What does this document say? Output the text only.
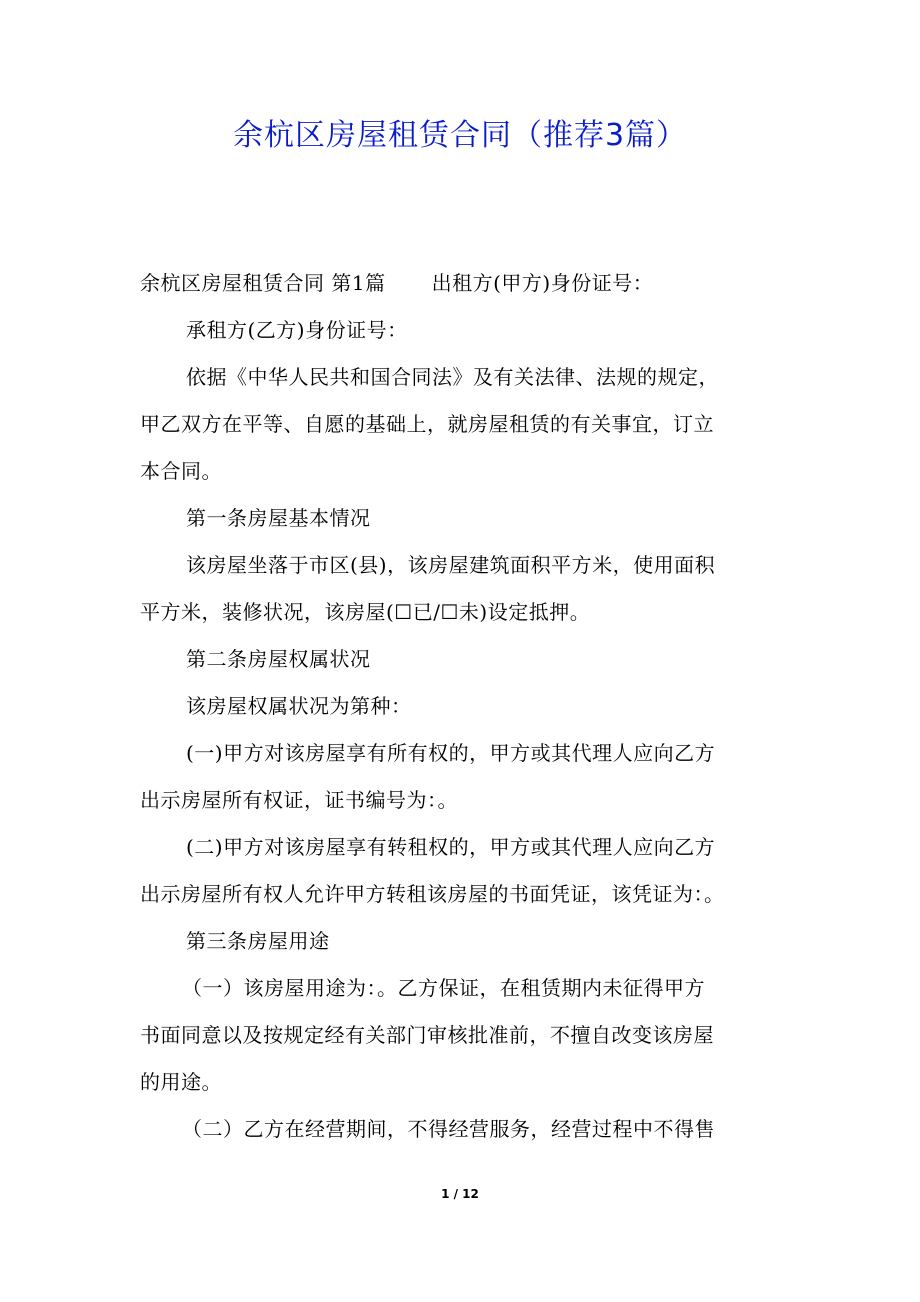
余杭区房屋租赁合同（推荐3篇）

余杭区房屋租赁合同 第1篇 出租方(甲方)身份证号：

承租方(乙方)身份证号：

依据《中华人民共和国合同法》及有关法律、法规的规定，

甲乙双方在平等、自愿的基础上，就房屋租赁的有关事宜，订立

本合同。

第一条房屋基本情况

该房屋坐落于市区(县)，该房屋建筑面积平方米，使用面积

平方米，装修状况，该房屋(☐已/☐未)设定抵押。

第二条房屋权属状况

该房屋权属状况为第种：

(一)甲方对该房屋享有所有权的，甲方或其代理人应向乙方

出示房屋所有权证，证书编号为：。

(二)甲方对该房屋享有转租权的，甲方或其代理人应向乙方

出示房屋所有权人允许甲方转租该房屋的书面凭证，该凭证为：。

第三条房屋用途

（一）该房屋用途为：。乙方保证，在租赁期内未征得甲方

书面同意以及按规定经有关部门审核批准前，不擅自改变该房屋

的用途。

（二）乙方在经营期间，不得经营服务，经营过程中不得售

1 / 12
